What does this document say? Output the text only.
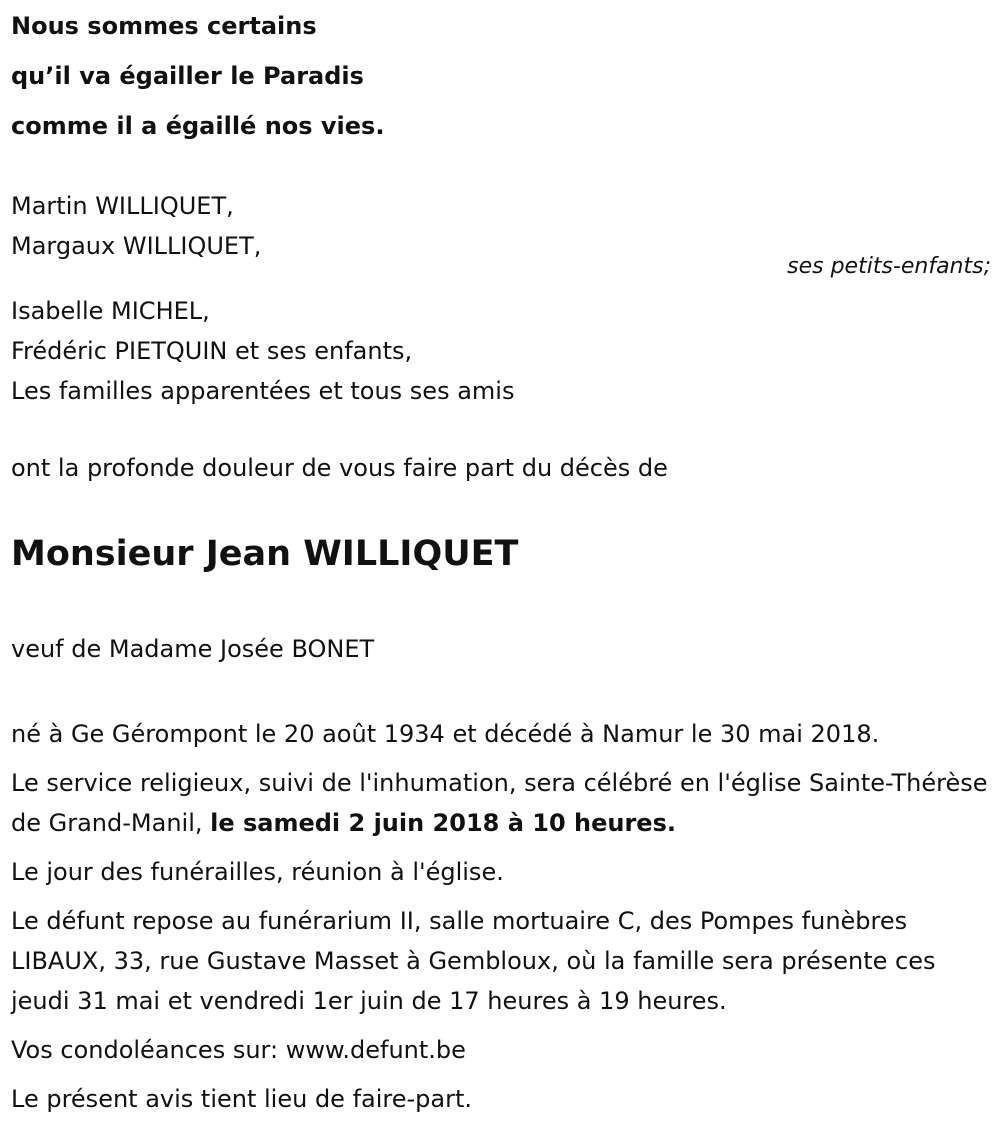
Nous sommes certains
qu’il va égailler le Paradis
comme il a égaillé nos vies.
Martin WILLIQUET,
Margaux WILLIQUET,
Isabelle MICHEL,
Frédéric PIETQUIN et ses enfants,
Les familles apparentées et tous ses amis
ont la profonde douleur de vous faire part du décès de
Monsieur Jean WILLIQUET
veuf de Madame Josée BONET
né à Ge Gérompont le 20 août 1934 et décédé à Namur le 30 mai 2018.
Le service religieux, suivi de l'inhumation, sera célébré en l'église Sainte-Thérèse de Grand-Manil, le samedi 2 juin 2018 à 10 heures.
Le jour des funérailles, réunion à l'église.
Le défunt repose au funérarium II, salle mortuaire C, des Pompes funèbres LIBAUX, 33, rue Gustave Masset à Gembloux, où la famille sera présente ces jeudi 31 mai et vendredi 1er juin de 17 heures à 19 heures.
Vos condoléances sur: www.defunt.be
Le présent avis tient lieu de faire-part.
ses petits-enfants;
